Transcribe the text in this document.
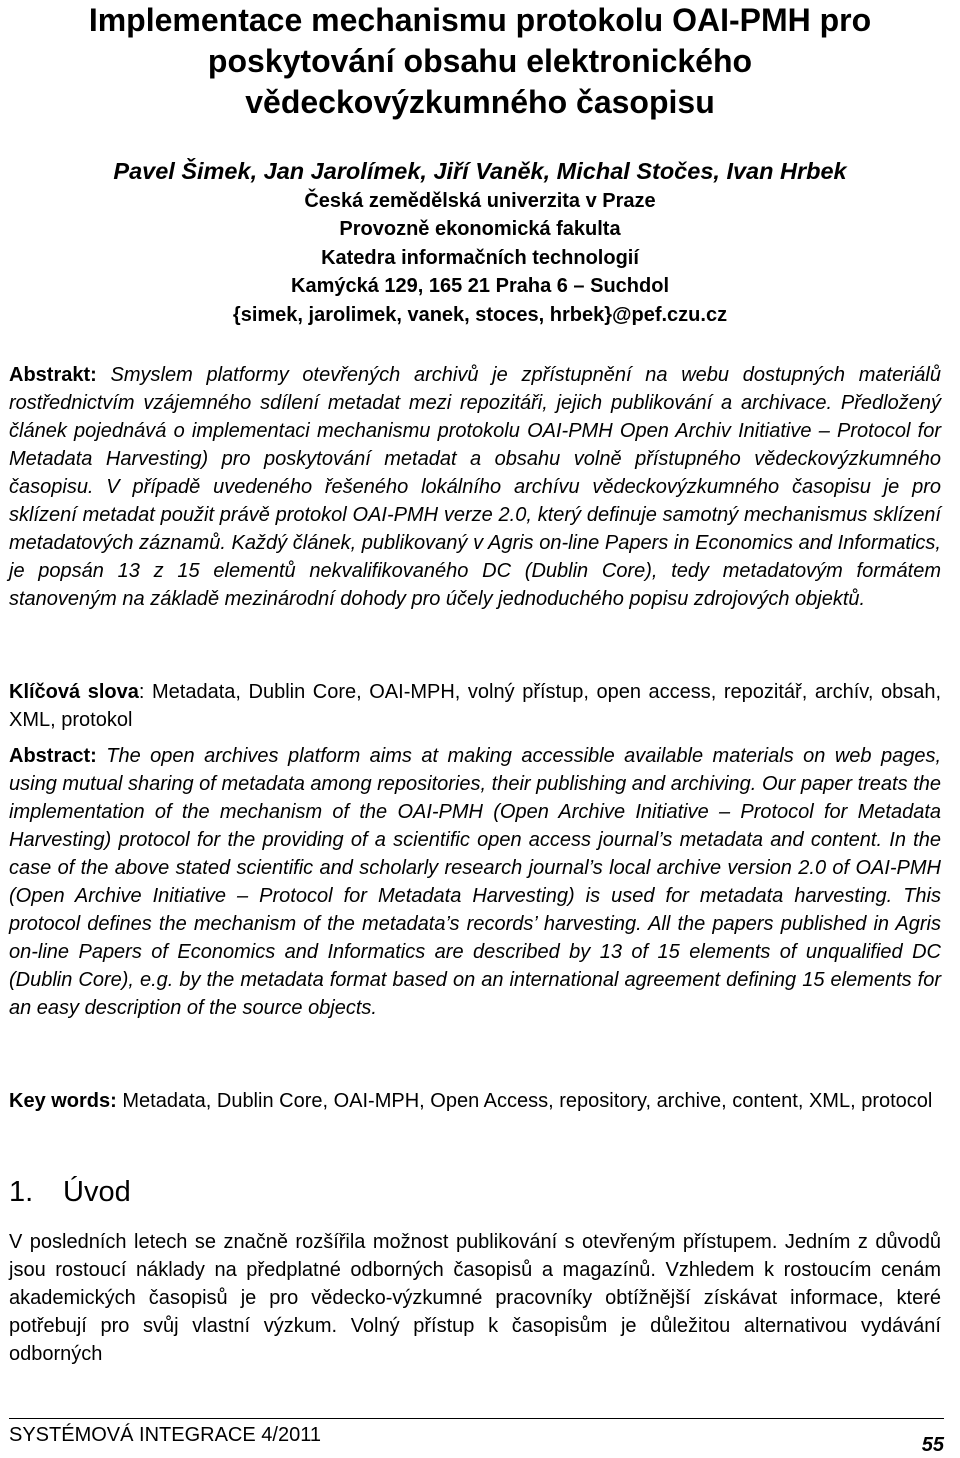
Implementace mechanismu protokolu OAI-PMH pro
poskytování obsahu elektronického
vědeckovýzkumného časopisu
Pavel Šimek, Jan Jarolímek, Jiří Vaněk, Michal Stočes, Ivan Hrbek
Česká zemědělská univerzita v Praze
Provozně ekonomická fakulta
Katedra informačních technologií
Kamýcká 129, 165 21 Praha 6 – Suchdol
{simek, jarolimek, vanek, stoces, hrbek}@pef.czu.cz

Abstrakt: Smyslem platformy otevřených archivů je zpřístupnění na webu dostupných materiálů rostřednictvím vzájemného sdílení metadat mezi repozitáři, jejich publikování a archivace. Předložený článek pojednává o implementaci mechanismu protokolu OAI-PMH Open Archiv Initiative – Protocol for Metadata Harvesting) pro poskytování metadat a obsahu volně přístupného vědeckovýzkumného časopisu. V případě uvedeného řešeného lokálního archívu vědeckovýzkumného časopisu je pro sklízení metadat použit právě protokol OAI-PMH verze 2.0, který definuje samotný mechanismus sklízení metadatových záznamů. Každý článek, publikovaný v Agris on-line Papers in Economics and Informatics, je popsán 13 z 15 elementů nekvalifikovaného DC (Dublin Core), tedy metadatovým formátem stanoveným na základě mezinárodní dohody pro účely jednoduchého popisu zdrojových objektů.

Klíčová slova: Metadata, Dublin Core, OAI-MPH, volný přístup, open access, repozitář, archív, obsah, XML, protokol

Abstract: The open archives platform aims at making accessible available materials on web pages, using mutual sharing of metadata among repositories, their publishing and archiving. Our paper treats the implementation of the mechanism of the OAI-PMH (Open Archive Initiative – Protocol for Metadata Harvesting) protocol for the providing of a scientific open access journal’s metadata and content. In the case of the above stated scientific and scholarly research journal’s local archive version 2.0 of OAI-PMH (Open Archive Initiative – Protocol for Metadata Harvesting) is used for metadata harvesting. This protocol defines the mechanism of the metadata’s records’ harvesting. All the papers published in Agris on-line Papers of Economics and Informatics are described by 13 of 15 elements of unqualified DC (Dublin Core), e.g. by the metadata format based on an international agreement defining 15 elements for an easy description of the source objects.

Key words: Metadata, Dublin Core, OAI-MPH, Open Access, repository, archive, content, XML, protocol

1. Úvod

V posledních letech se značně rozšířila možnost publikování s otevřeným přístupem. Jedním z důvodů jsou rostoucí náklady na předplatné odborných časopisů a magazínů. Vzhledem k rostoucím cenám akademických časopisů je pro vědecko-výzkumné pracovníky obtížnější získávat informace, které potřebují pro svůj vlastní výzkum. Volný přístup k časopisům je důležitou alternativou vydávání odborných

SYSTÉMOVÁ INTEGRACE 4/2011	55
